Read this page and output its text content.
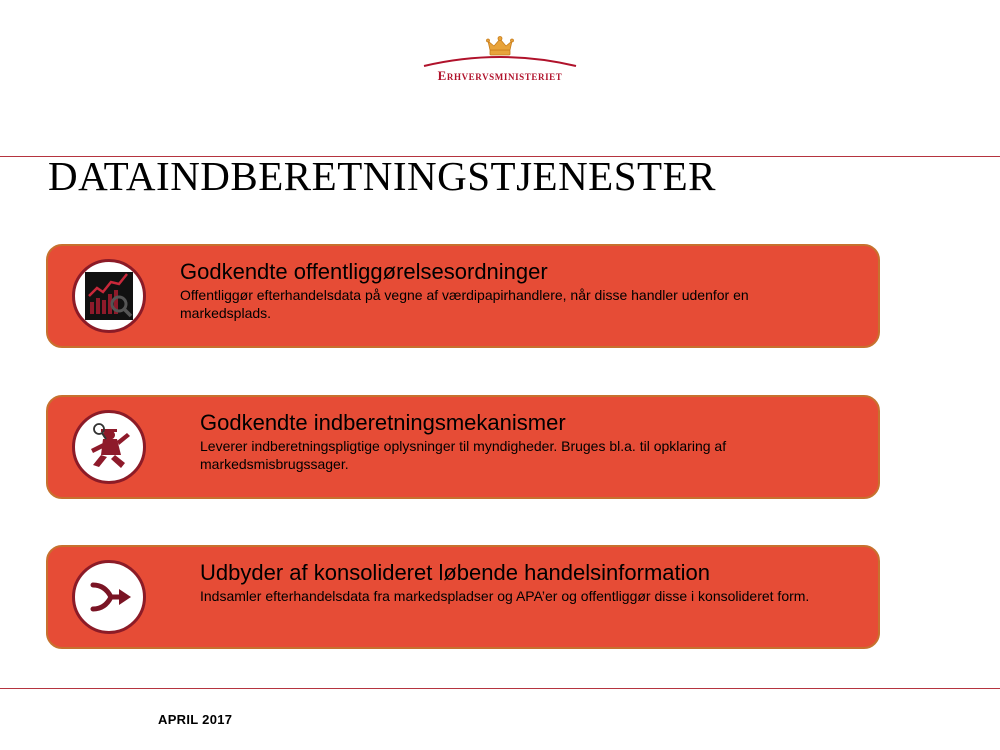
Erhvervsministeriet
DATAINDBERETNINGSTJENESTER
Godkendte offentliggørelsesordninger
Offentliggør efterhandelsdata på vegne af værdipapirhandlere, når disse handler udenfor en markedsplads.
Godkendte indberetningsmekanismer
Leverer indberetningspligtige oplysninger til myndigheder. Bruges bl.a. til opklaring af markedsmisbrugssager.
Udbyder af konsolideret løbende handelsinformation
Indsamler efterhandelsdata fra markedspladser og APA’er og offentliggør disse i konsolideret form.
APRIL 2017
